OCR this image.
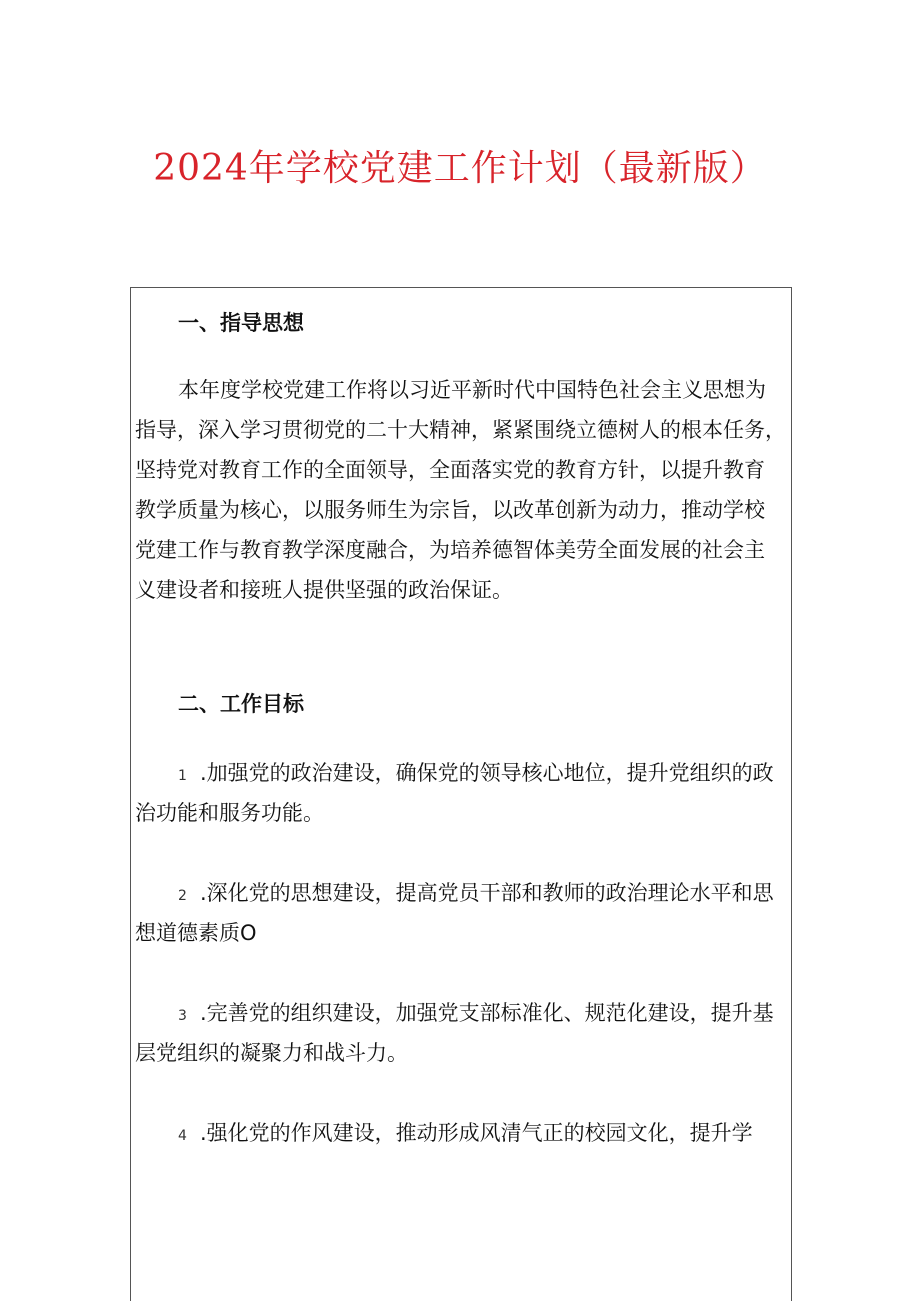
2024年学校党建工作计划（最新版）
一、指导思想
本年度学校党建工作将以习近平新时代中国特色社会主义思想为
指导，深入学习贯彻党的二十大精神，紧紧围绕立德树人的根本任务，
坚持党对教育工作的全面领导，全面落实党的教育方针，以提升教育
教学质量为核心，以服务师生为宗旨，以改革创新为动力，推动学校
党建工作与教育教学深度融合，为培养德智体美劳全面发展的社会主
义建设者和接班人提供坚强的政治保证。
二、工作目标
1 .加强党的政治建设，确保党的领导核心地位，提升党组织的政
治功能和服务功能。
2 .深化党的思想建设，提高党员干部和教师的政治理论水平和思
想道德素质O
3 .完善党的组织建设，加强党支部标准化、规范化建设，提升基
层党组织的凝聚力和战斗力。
4 .强化党的作风建设，推动形成风清气正的校园文化，提升学
